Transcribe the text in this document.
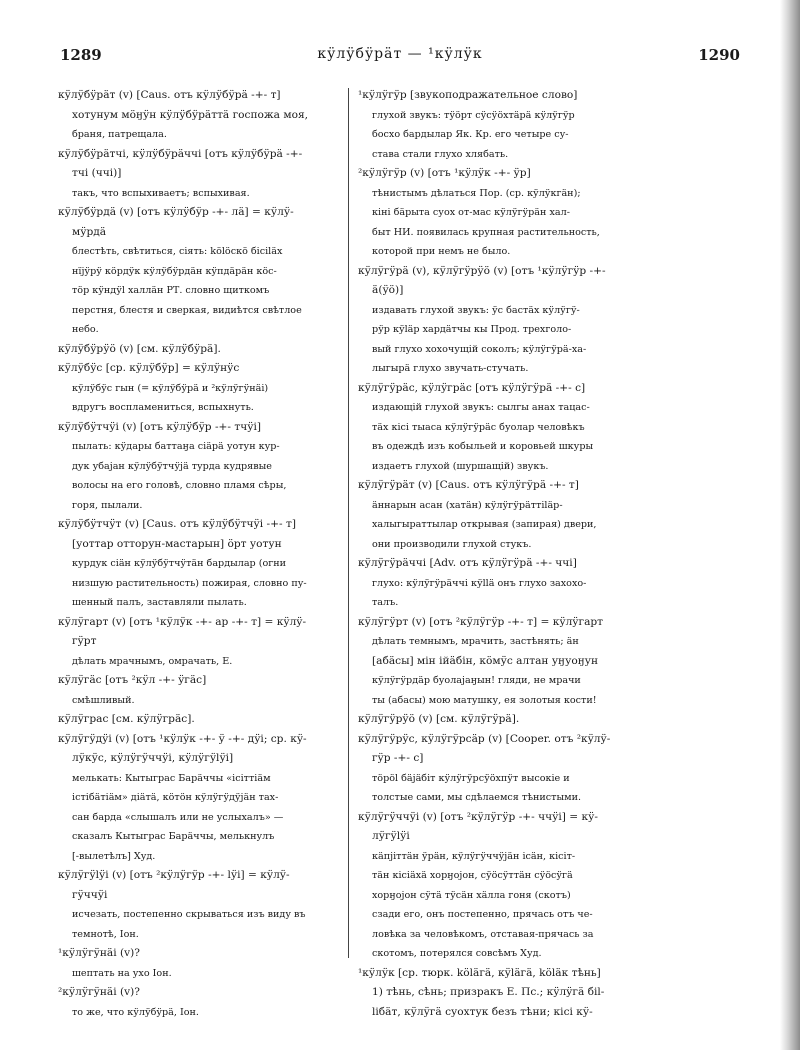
1289	кӱлӱбӱрӓт — ¹кӱлӱк	1290
кӱлӱбӱрӓт (v) [Caus. отъ кӱлӱбӱрӓ -+- т]
хотунум мӧӈӱн кӱлӱбӱрӓттӓ госпожа моя,
браня, патрещала.
кӱлӱбӱрӓтчі, кӱлӱбӱрӓччі [отъ кӱлӱбӱрӓ -+-
тчі (ччі)]
такъ, что вспыхиваетъ; вспыхивая.
кӱлӱбӱрдӓ (v) [отъ кӱлӱбӱр -+- лӓ] = кӱлӱ-
мӱрдӓ
блестѣть, свѣтиться, сіять: kӧlӧскӧ бісіlӓх
нїјӱрӱ кӧрдӱк кӱлӱбӱрдӓн кӱпдӓрӓн кӧс-
тӧр кӱндӱl халлӓн РТ. словно щиткомъ
перстня, блестя и сверкая, видиѣтся свѣтлое
небо.
кӱлӱбӱрӱӧ (v) [см. кӱлӱбӱрӓ].
кӱлӱбӱс [ср. кӱлӱбӱр] = кӱлӱнӱс
кӱлӱбӱс гын (= кӱлӱбӱрӓ и ²кӱлӱгӱнӓі)
вдругъ воспламениться, вспыхнуть.
кӱлӱбӱтчӱі (v) [отъ кӱлӱбӱр -+- тчӱі]
пылать: кӱдары баттаӈа сіӓрӓ уотун кур-
дук убајан кӱлӱбӱтчӱјӓ турда кудрявые
волосы на его головѣ, словно пламя сѣры,
горя, пылали.
кӱлӱбӱтчӱт (v) [Caus. отъ кӱлӱбӱтчӱі -+- т]
[уоттар отторун-мастарын] ӧрт уотун
курдук сіӓн кӱлӱбӱтчӱтӓн бардылар (огни
низшую растительность) пожирая, словно пу-
шенный палъ, заставляли пылать.
кӱлӱгарт (v) [отъ ¹кӱлӱк -+- ар -+- т] = кӱлӱ-
гӱрт
дѣлать мрачнымъ, омрачать, Е.
кӱлӱгӓс [отъ ²кӱл -+- ӱгӓс]
смѣшливый.
кӱлӱграс [см. кӱлӱгрӓс].
кӱлӱгӱдӱі (v) [отъ ¹кӱлӱк -+- ӱ -+- дӱі; ср. кӱ-
лӱкӱс, кӱлӱгӱччӱі, кӱлӱгӱlӱі]
мелькать: Кытыграс Барӓччы «ісіттіӓм
істібӓтіӓм» діӓтӓ, кӧтӧн кӱлӱгӱдӱјӓн тах-
сан барда «слышалъ или не услыхалъ» —
сказалъ Кытыграс Барӓччы, мелькнулъ
[-вылетѣлъ] Худ.
кӱлӱгӱlӱі (v) [отъ ²кӱлӱгӱр -+- lӱі] = кӱлӱ-
гӱччӱі
исчезать, постепенно скрываться изъ виду въ
темнотѣ, Іон.
¹кӱлӱгӱнӓі (v)?
шептать на ухо Іон.
²кӱлӱгӱнӓі (v)?
то же, что кӱлӱбӱрӓ, Іон.
¹кӱлӱгӱр [звукоподражательное слово]
глухой звукъ: тӱӧрт сӱсӱӧхтӓрӓ кӱлӱгӱр
босхо бардылар Як. Кр. его четыре су-
става стали глухо хлябать.
²кӱлӱгӱр (v) [отъ ¹кӱлӱк -+- ӱр]
тѣнистымъ дѣлаться Пор. (ср. кӱлӱкгӓн);
кіні бӓрыта суох от-мас кӱлӱгӱрӓн хал-
быт НИ. появилась крупная растительность,
которой при немъ не было.
кӱлӱгӱрӓ (v), кӱлӱгӱрӱӧ (v) [отъ ¹кӱлӱгӱр -+-
ӓ(ӱӧ)]
издавать глухой звукъ: ӱс бастӓх кӱлӱгӱ-
рӱр кӱlӓр хардӓтчы кы Прод. трехголо-
вый глухо хохочущій соколъ; кӱлӱгӱрӓ-ха-
лыгырӓ глухо звучать-стучать.
кӱлӱгӱрӓс, кӱлӱгрӓс [отъ кӱлӱгӱрӓ -+- с]
издающій глухой звукъ: сылгы анах тацас-
тӓх кісі тыаса кӱлӱгӱрӓс буолар человѣкъ
въ одеждѣ изъ кобыльей и коровьей шкуры
издаетъ глухой (шуршащій) звукъ.
кӱлӱгӱрӓт (v) [Caus. отъ кӱлӱгӱрӓ -+- т]
ӓннарын асан (хатӓн) кӱлӱгӱрӓттіlӓр-
халыгыраттылар открывая (запирая) двери,
они производили глухой стукъ.
кӱлӱгӱрӓччі [Adv. отъ кӱлӱгӱрӓ -+- ччі]
глухо: кӱлӱгӱрӓччі кӱllӓ онъ глухо захохо-
талъ.
кӱлӱгӱрт (v) [отъ ²кӱлӱгӱр -+- т] = кӱлӱгарт
дѣлать темнымъ, мрачить, застѣнять; ӓн
[абӓсы] мін ійӓбін, кӧмӱс алтан уӈуоӈун
кӱлӱгӱрдӓр буолаjаӈын! гляди, не мрачи
ты (абасы) мою матушку, ея золотыя кости!
кӱлӱгӱрӱӧ (v) [см. кӱлӱгӱрӓ].
кӱлӱгӱрӱс, кӱлӱгӱрсӓр (v) [Cooper. отъ ²кӱлӱ-
гӱр -+- с]
тӧрӧl бӓjӓбіт кӱлӱгӱрсӱӧхпӱт высокіе и
толстые сами, мы сдѣлаемся тѣнистыми.
кӱлӱгӱччӱі (v) [отъ ²кӱлӱгӱр -+- ччӱі] = кӱ-
лӱгӱlӱі
кӓпjіттӓн ӱрӓн, кӱлӱгӱччӱjӓн ісӓн, кісіт-
тӓн кісіӓхӓ хорӈојон, сӱӧсӱттӓн сӱӧсӱгӓ
хорӈојон сӱтӓ тӱсӓн хӓлла гоня (скотъ)
сзади его, онъ постепенно, прячась отъ че-
ловѣка за человѣкомъ, отставая-прячась за
скотомъ, потерялся совсѣмъ Худ.
¹кӱлӱк [ср. тюрк. kӧlӓгӓ, кӱlӓгӓ, kӧlӓк тѣнь]
1) тѣнь, сѣнь; призракъ Е. Пс.; кӱлӱгӓ біl-
lібӓт, кӱлӱгӓ суохтук безъ тѣни; кісі кӱ-
